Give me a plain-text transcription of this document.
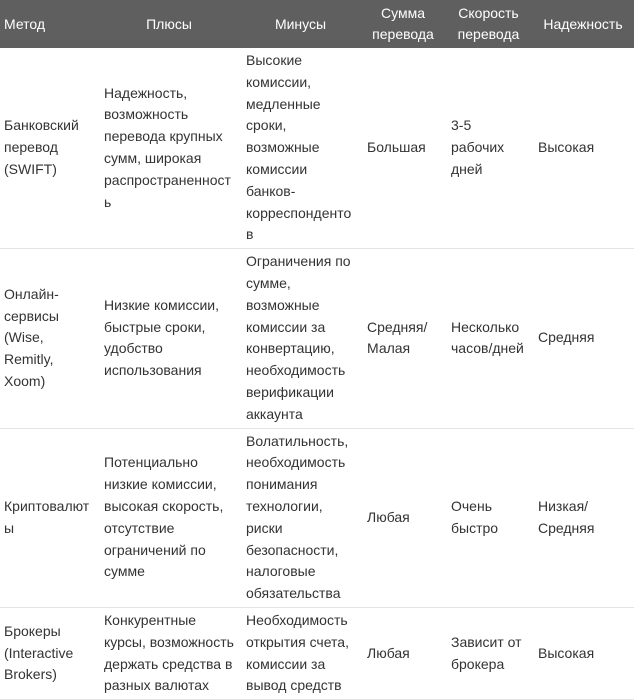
Метод	Плюсы	Минусы	Сумма перевода	Скорость перевода	Надежность
Банковский перевод (SWIFT)	Надежность, возможность перевода крупных сумм, широкая распространенность	Высокие комиссии, медленные сроки, возможные комиссии банков-корреспондентов	Большая	3-5 рабочих дней	Высокая
Онлайн-сервисы (Wise, Remitly, Xoom)	Низкие комиссии, быстрые сроки, удобство использования	Ограничения по сумме, возможные комиссии за конвертацию, необходимость верификации аккаунта	Средняя/ Малая	Несколько часов/дней	Средняя
Криптовалюты	Потенциально низкие комиссии, высокая скорость, отсутствие ограничений по сумме	Волатильность, необходимость понимания технологии, риски безопасности, налоговые обязательства	Любая	Очень быстро	Низкая/ Средняя
Брокеры (Interactive Brokers)	Конкурентные курсы, возможность держать средства в разных валютах	Необходимость открытия счета, комиссии за вывод средств	Любая	Зависит от брокера	Высокая
